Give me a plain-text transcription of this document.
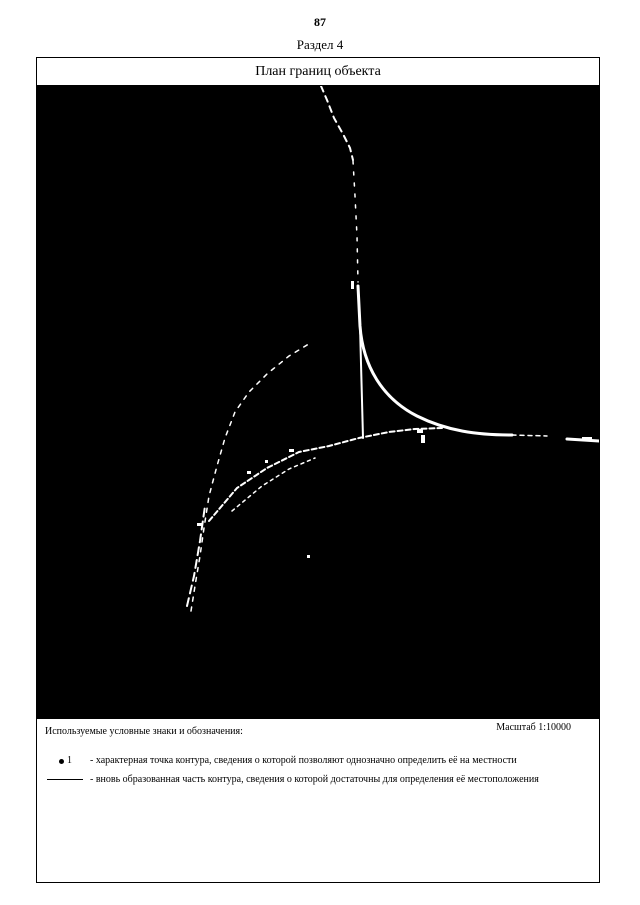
87
Раздел 4
План границ объекта
Используемые условные знаки и обозначения:	Масштаб 1:10000
1 - характерная точка контура, сведения о которой позволяют однозначно определить её на местности
- вновь образованная часть контура, сведения о которой достаточны для определения её местоположения
